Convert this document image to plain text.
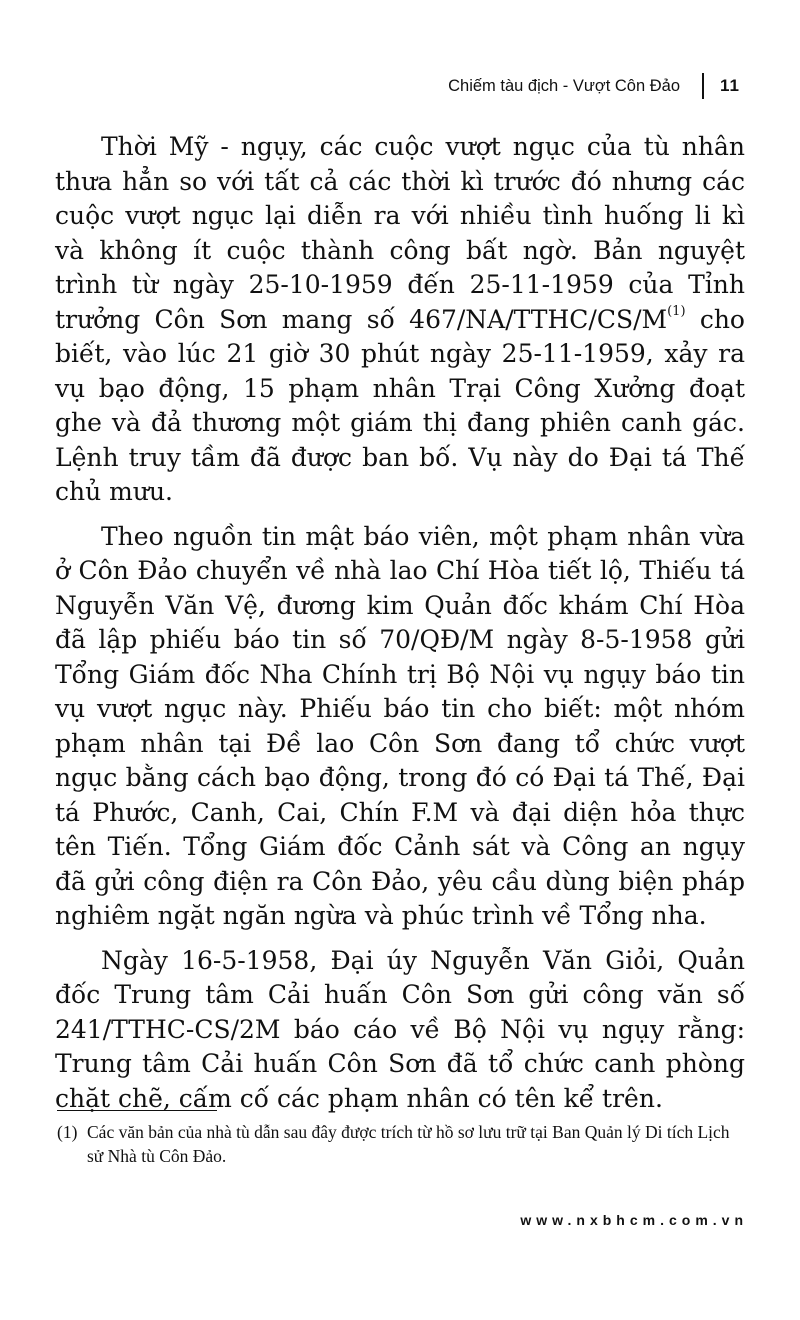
Chiếm tàu địch - Vượt Côn Đảo 11

Thời Mỹ - ngụy, các cuộc vượt ngục của tù nhân thưa hẳn so với tất cả các thời kì trước đó nhưng các cuộc vượt ngục lại diễn ra với nhiều tình huống li kì và không ít cuộc thành công bất ngờ. Bản nguyệt trình từ ngày 25-10-1959 đến 25-11-1959 của Tỉnh trưởng Côn Sơn mang số $467/NA/TTHC/CS/M^{(1)}$ cho biết, vào lúc 21 giờ 30 phút ngày 25-11-1959, xảy ra vụ bạo động, 15 phạm nhân Trại Công Xưởng đoạt ghe và đả thương một giám thị đang phiên canh gác. Lệnh truy tầm đã được ban bố. Vụ này do Đại tá Thế chủ mưu.

Theo nguồn tin mật báo viên, một phạm nhân vừa ở Côn Đảo chuyển về nhà lao Chí Hòa tiết lộ, Thiếu tá Nguyễn Văn Vệ, đương kim Quản đốc khám Chí Hòa đã lập phiếu báo tin số 70/QĐ/M ngày 8-5-1958 gửi Tổng Giám đốc Nha Chính trị Bộ Nội vụ ngụy báo tin vụ vượt ngục này. Phiếu báo tin cho biết: một nhóm phạm nhân tại Đề lao Côn Sơn đang tổ chức vượt ngục bằng cách bạo động, trong đó có Đại tá Thế, Đại tá Phước, Canh, Cai, Chín F.M và đại diện hỏa thực tên Tiến. Tổng Giám đốc Cảnh sát và Công an ngụy đã gửi công điện ra Côn Đảo, yêu cầu dùng biện pháp nghiêm ngặt ngăn ngừa và phúc trình về Tổng nha.

Ngày 16-5-1958, Đại úy Nguyễn Văn Giỏi, Quản đốc Trung tâm Cải huấn Côn Sơn gửi công văn số 241/TTHC-CS/2M báo cáo về Bộ Nội vụ ngụy rằng: Trung tâm Cải huấn Côn Sơn đã tổ chức canh phòng chặt chẽ, cấm cố các phạm nhân có tên kể trên.

(1) Các văn bản của nhà tù dẫn sau đây được trích từ hồ sơ lưu trữ tại Ban Quản lý Di tích Lịch sử Nhà tù Côn Đảo.
www.nxbhcm.com.vn
